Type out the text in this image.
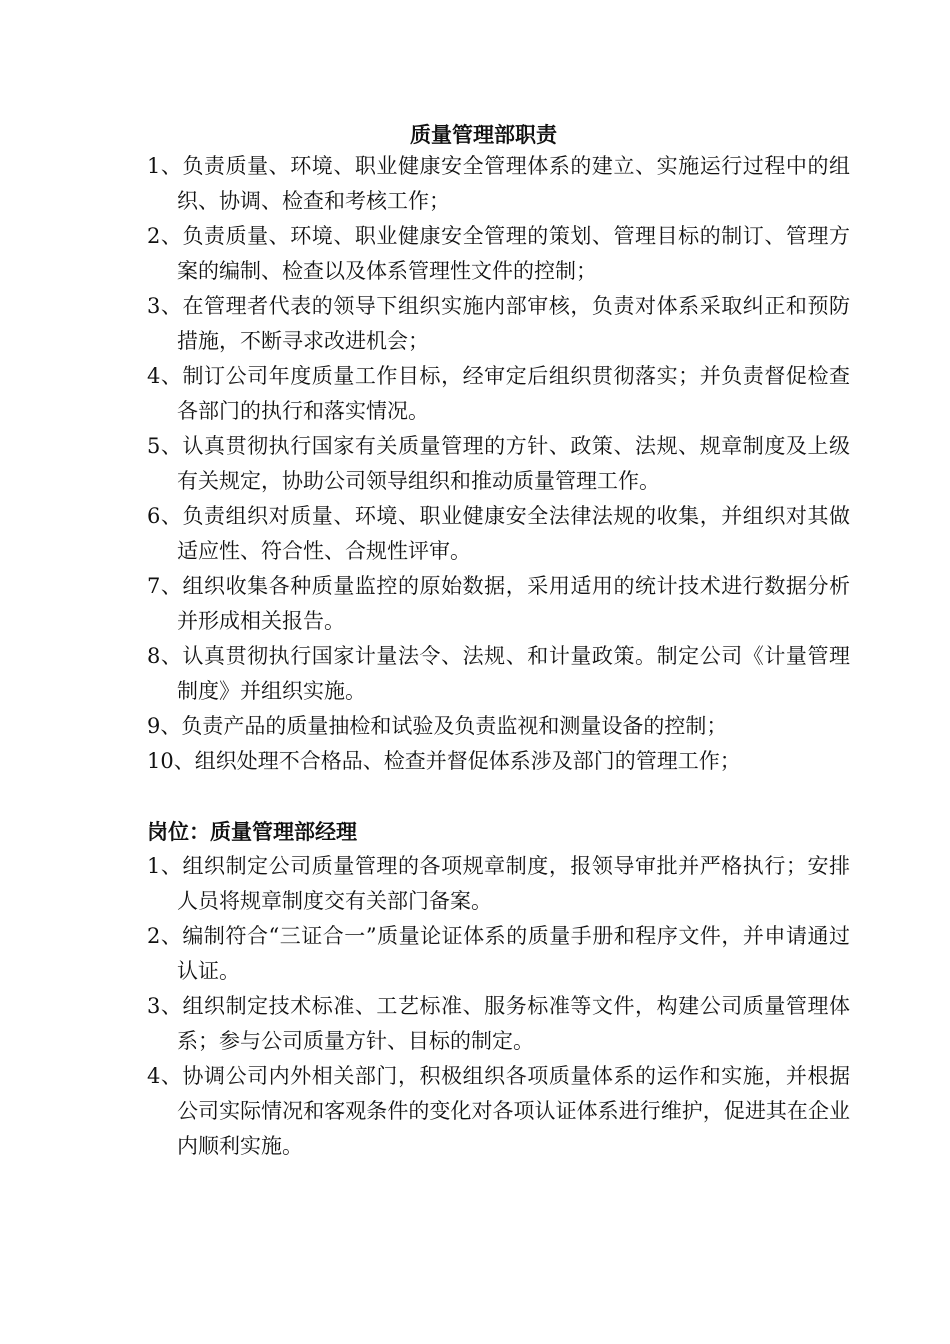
质量管理部职责

1、负责质量、环境、职业健康安全管理体系的建立、实施运行过程中的组织、协调、检查和考核工作；

2、负责质量、环境、职业健康安全管理的策划、管理目标的制订、管理方案的编制、检查以及体系管理性文件的控制；

3、在管理者代表的领导下组织实施内部审核，负责对体系采取纠正和预防措施，不断寻求改进机会；

4、制订公司年度质量工作目标，经审定后组织贯彻落实；并负责督促检查各部门的执行和落实情况。

5、认真贯彻执行国家有关质量管理的方针、政策、法规、规章制度及上级有关规定，协助公司领导组织和推动质量管理工作。

6、负责组织对质量、环境、职业健康安全法律法规的收集，并组织对其做适应性、符合性、合规性评审。

7、组织收集各种质量监控的原始数据，采用适用的统计技术进行数据分析并形成相关报告。

8、认真贯彻执行国家计量法令、法规、和计量政策。制定公司《计量管理制度》并组织实施。

9、负责产品的质量抽检和试验及负责监视和测量设备的控制；

10、组织处理不合格品、检查并督促体系涉及部门的管理工作；

岗位：质量管理部经理

1、组织制定公司质量管理的各项规章制度，报领导审批并严格执行；安排人员将规章制度交有关部门备案。

2、编制符合“三证合一”质量论证体系的质量手册和程序文件，并申请通过认证。

3、组织制定技术标准、工艺标准、服务标准等文件，构建公司质量管理体系；参与公司质量方针、目标的制定。

4、协调公司内外相关部门，积极组织各项质量体系的运作和实施，并根据公司实际情况和客观条件的变化对各项认证体系进行维护，促进其在企业内顺利实施。
